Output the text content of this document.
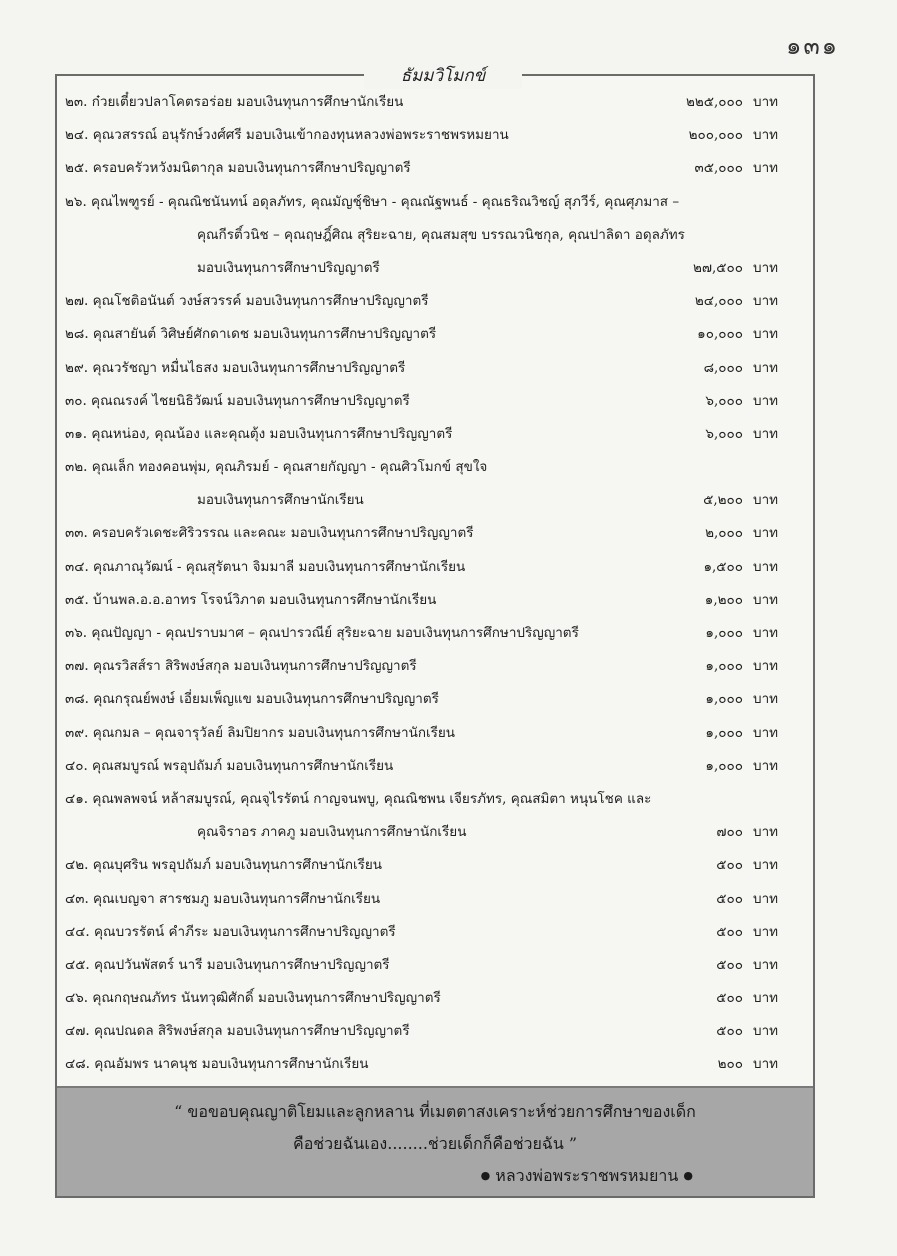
๑๓๑
๒๓. ก๋วยเตี๋ยวปลาโคตรอร่อย มอบเงินทุนการศึกษานักเรียน	๒๒๕,๐๐๐ บาท
๒๔. คุณวสรรณ์ อนุรักษ์วงศ์ศรี มอบเงินเข้ากองทุนหลวงพ่อพระราชพรหมยาน	๒๐๐,๐๐๐ บาท
๒๕. ครอบครัวหวังมนิตากุล มอบเงินทุนการศึกษาปริญญาตรี	๓๕,๐๐๐ บาท
๒๖. คุณไพฑูรย์ - คุณณิชนันทน์ อดุลภัทร, คุณมัญชุ์ชิษา - คุณณัฐพนธ์ - คุณธริณวิชญ์ สุภวีร์, คุณศุภมาส –
คุณกีรติ์วนิช – คุณฤษฎิ์ศิณ สุริยะฉาย, คุณสมสุข บรรณวนิชกุล, คุณปาลิดา อดุลภัทร
มอบเงินทุนการศึกษาปริญญาตรี	๒๗,๕๐๐ บาท
๒๗. คุณโชติอนันต์ วงษ์สวรรค์ มอบเงินทุนการศึกษาปริญญาตรี	๒๔,๐๐๐ บาท
๒๘. คุณสายันต์ วิศิษย์ศักดาเดช มอบเงินทุนการศึกษาปริญญาตรี	๑๐,๐๐๐ บาท
๒๙. คุณวรัชญา หมื่นไธสง มอบเงินทุนการศึกษาปริญญาตรี	๘,๐๐๐ บาท
๓๐. คุณณรงค์ ไชยนิธิวัฒน์ มอบเงินทุนการศึกษาปริญญาตรี	๖,๐๐๐ บาท
๓๑. คุณหน่อง, คุณน้อง และคุณตุ้ง มอบเงินทุนการศึกษาปริญญาตรี	๖,๐๐๐ บาท
๓๒. คุณเล็ก ทองคอนพุ่ม, คุณภิรมย์ - คุณสายกัญญา - คุณศิวโมกข์ สุขใจ
มอบเงินทุนการศึกษานักเรียน	๕,๒๐๐ บาท
๓๓. ครอบครัวเดชะศิริวรรณ และคณะ มอบเงินทุนการศึกษาปริญญาตรี	๒,๐๐๐ บาท
๓๔. คุณภาณุวัฒน์ - คุณสุรัตนา จิมมาลี มอบเงินทุนการศึกษานักเรียน	๑,๕๐๐ บาท
๓๕. บ้านพล.อ.อ.อาทร โรจน์วิภาต มอบเงินทุนการศึกษานักเรียน	๑,๒๐๐ บาท
๓๖. คุณปัญญา - คุณปราบมาศ – คุณปารวณีย์ สุริยะฉาย มอบเงินทุนการศึกษาปริญญาตรี	๑,๐๐๐ บาท
๓๗. คุณรวิสส์รา สิริพงษ์สกุล มอบเงินทุนการศึกษาปริญญาตรี	๑,๐๐๐ บาท
๓๘. คุณกรุณย์พงษ์ เอี่ยมเพ็ญแข มอบเงินทุนการศึกษาปริญญาตรี	๑,๐๐๐ บาท
๓๙. คุณกมล – คุณจารุวัลย์ ลิมปิยากร มอบเงินทุนการศึกษานักเรียน	๑,๐๐๐ บาท
๔๐. คุณสมบูรณ์ พรอุปถัมภ์ มอบเงินทุนการศึกษานักเรียน	๑,๐๐๐ บาท
๔๑. คุณพลพจน์ หล้าสมบูรณ์, คุณจุไรรัตน์ กาญจนพบู, คุณณิชพน เจียรภัทร, คุณสมิตา หนุนโชค และ
คุณจิราอร ภาคภู มอบเงินทุนการศึกษานักเรียน	๗๐๐ บาท
๔๒. คุณบุศริน พรอุปถัมภ์ มอบเงินทุนการศึกษานักเรียน	๕๐๐ บาท
๔๓. คุณเบญจา สารชมภู มอบเงินทุนการศึกษานักเรียน	๕๐๐ บาท
๔๔. คุณบวรรัตน์ คำภีระ มอบเงินทุนการศึกษาปริญญาตรี	๕๐๐ บาท
๔๕. คุณปวันพัสตร์ นารี มอบเงินทุนการศึกษาปริญญาตรี	๕๐๐ บาท
๔๖. คุณกฤษณภัทร นันทวุฒิศักดิ์ มอบเงินทุนการศึกษาปริญญาตรี	๕๐๐ บาท
๔๗. คุณปณดล สิริพงษ์สกุล มอบเงินทุนการศึกษาปริญญาตรี	๕๐๐ บาท
๔๘. คุณอัมพร นาคนุช มอบเงินทุนการศึกษานักเรียน	๒๐๐ บาท
“ ขอขอบคุณญาติโยมและลูกหลาน ที่เมตตาสงเคราะห์ช่วยการศึกษาของเด็ก
คือช่วยฉันเอง........ช่วยเด็กก็คือช่วยฉัน ”
● หลวงพ่อพระราชพรหมยาน ●
ธัมมวิโมกข์
